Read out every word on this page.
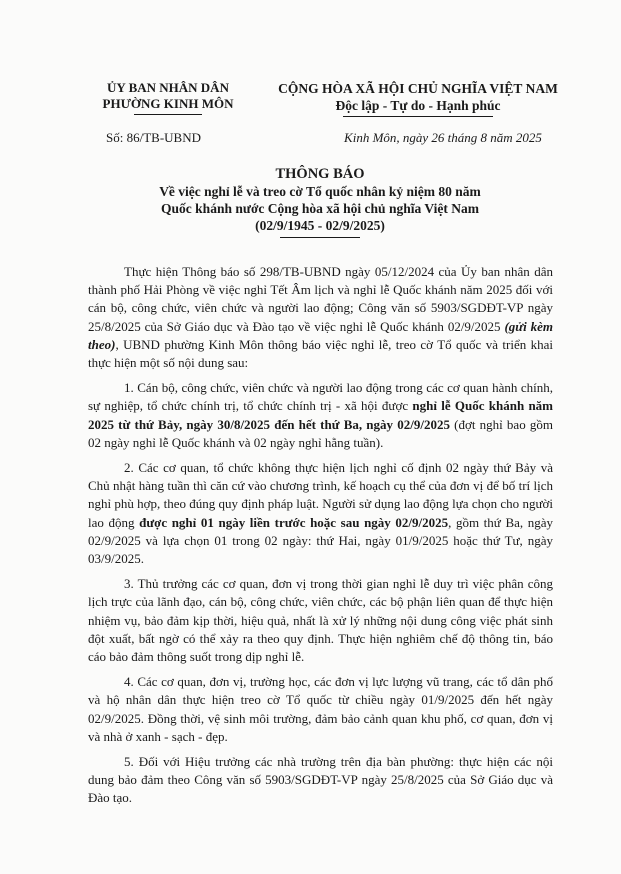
ỦY BAN NHÂN DÂN
PHƯỜNG KINH MÔN
CỘNG HÒA XÃ HỘI CHỦ NGHĨA VIỆT NAM
Độc lập - Tự do - Hạnh phúc
Số: 86/TB-UBND	Kinh Môn, ngày 26 tháng 8 năm 2025
THÔNG BÁO
Về việc nghỉ lễ và treo cờ Tổ quốc nhân kỷ niệm 80 năm
Quốc khánh nước Cộng hòa xã hội chủ nghĩa Việt Nam
(02/9/1945 - 02/9/2025)

Thực hiện Thông báo số 298/TB-UBND ngày 05/12/2024 của Ủy ban nhân dân thành phố Hải Phòng về việc nghỉ Tết Âm lịch và nghỉ lễ Quốc khánh năm 2025 đối với cán bộ, công chức, viên chức và người lao động; Công văn số 5903/SGDĐT-VP ngày 25/8/2025 của Sở Giáo dục và Đào tạo về việc nghỉ lễ Quốc khánh 02/9/2025 (gửi kèm theo), UBND phường Kinh Môn thông báo việc nghỉ lễ, treo cờ Tổ quốc và triển khai thực hiện một số nội dung sau:

1. Cán bộ, công chức, viên chức và người lao động trong các cơ quan hành chính, sự nghiệp, tổ chức chính trị, tổ chức chính trị - xã hội được nghỉ lễ Quốc khánh năm 2025 từ thứ Bảy, ngày 30/8/2025 đến hết thứ Ba, ngày 02/9/2025 (đợt nghỉ bao gồm 02 ngày nghỉ lễ Quốc khánh và 02 ngày nghỉ hằng tuần).

2. Các cơ quan, tổ chức không thực hiện lịch nghỉ cố định 02 ngày thứ Bảy và Chủ nhật hàng tuần thì căn cứ vào chương trình, kế hoạch cụ thể của đơn vị để bố trí lịch nghỉ phù hợp, theo đúng quy định pháp luật. Người sử dụng lao động lựa chọn cho người lao động được nghỉ 01 ngày liền trước hoặc sau ngày 02/9/2025, gồm thứ Ba, ngày 02/9/2025 và lựa chọn 01 trong 02 ngày: thứ Hai, ngày 01/9/2025 hoặc thứ Tư, ngày 03/9/2025.

3. Thủ trưởng các cơ quan, đơn vị trong thời gian nghỉ lễ duy trì việc phân công lịch trực của lãnh đạo, cán bộ, công chức, viên chức, các bộ phận liên quan để thực hiện nhiệm vụ, bảo đảm kịp thời, hiệu quả, nhất là xử lý những nội dung công việc phát sinh đột xuất, bất ngờ có thể xảy ra theo quy định. Thực hiện nghiêm chế độ thông tin, báo cáo bảo đảm thông suốt trong dịp nghỉ lễ.

4. Các cơ quan, đơn vị, trường học, các đơn vị lực lượng vũ trang, các tổ dân phố và hộ nhân dân thực hiện treo cờ Tổ quốc từ chiều ngày 01/9/2025 đến hết ngày 02/9/2025. Đồng thời, vệ sinh môi trường, đảm bảo cảnh quan khu phố, cơ quan, đơn vị và nhà ở xanh - sạch - đẹp.

5. Đối với Hiệu trưởng các nhà trường trên địa bàn phường: thực hiện các nội dung bảo đảm theo Công văn số 5903/SGDĐT-VP ngày 25/8/2025 của Sở Giáo dục và Đào tạo.
